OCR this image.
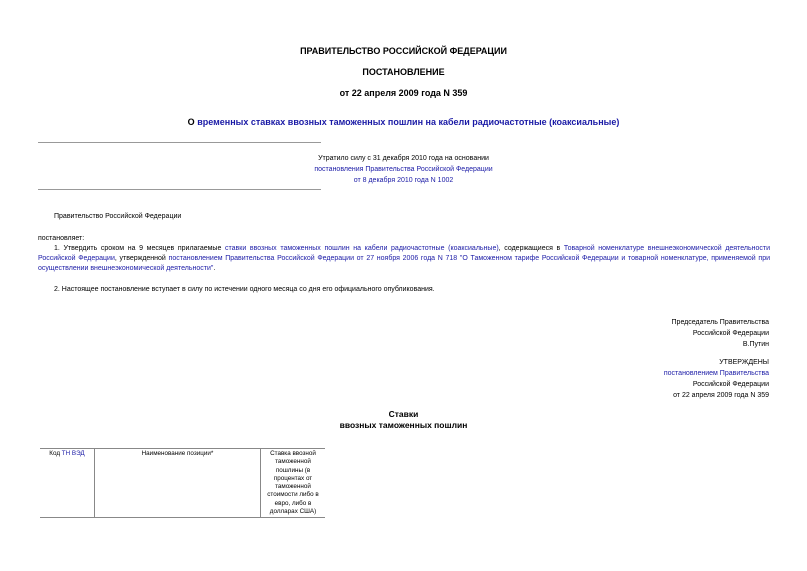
ПРАВИТЕЛЬСТВО РОССИЙСКОЙ ФЕДЕРАЦИИ
ПОСТАНОВЛЕНИЕ
от 22 апреля 2009 года N 359
О временных ставках ввозных таможенных пошлин на кабели радиочастотные (коаксиальные)
Утратило силу с 31 декабря 2010 года на основании
постановления Правительства Российской Федерации
от 8 декабря 2010 года N 1002
Правительство Российской Федерации
постановляет:
1. Утвердить сроком на 9 месяцев прилагаемые ставки ввозных таможенных пошлин на кабели радиочастотные (коаксиальные), содержащиеся в Товарной номенклатуре внешнеэкономической деятельности Российской Федерации, утвержденной постановлением Правительства Российской Федерации от 27 ноября 2006 года N 718 "О Таможенном тарифе Российской Федерации и товарной номенклатуре, применяемой при осуществлении внешнеэкономической деятельности".
2. Настоящее постановление вступает в силу по истечении одного месяца со дня его официального опубликования.
Председатель Правительства
Российской Федерации
В.Путин
УТВЕРЖДЕНЫ
постановлением Правительства
Российской Федерации
от 22 апреля 2009 года N 359
Ставки
ввозных таможенных пошлин
Код ТН ВЭД	Наименование позиции*	Ставка ввозной
таможенной
пошлины (в
процентах от
таможенной
стоимости либо в
евро, либо в
долларах США)
